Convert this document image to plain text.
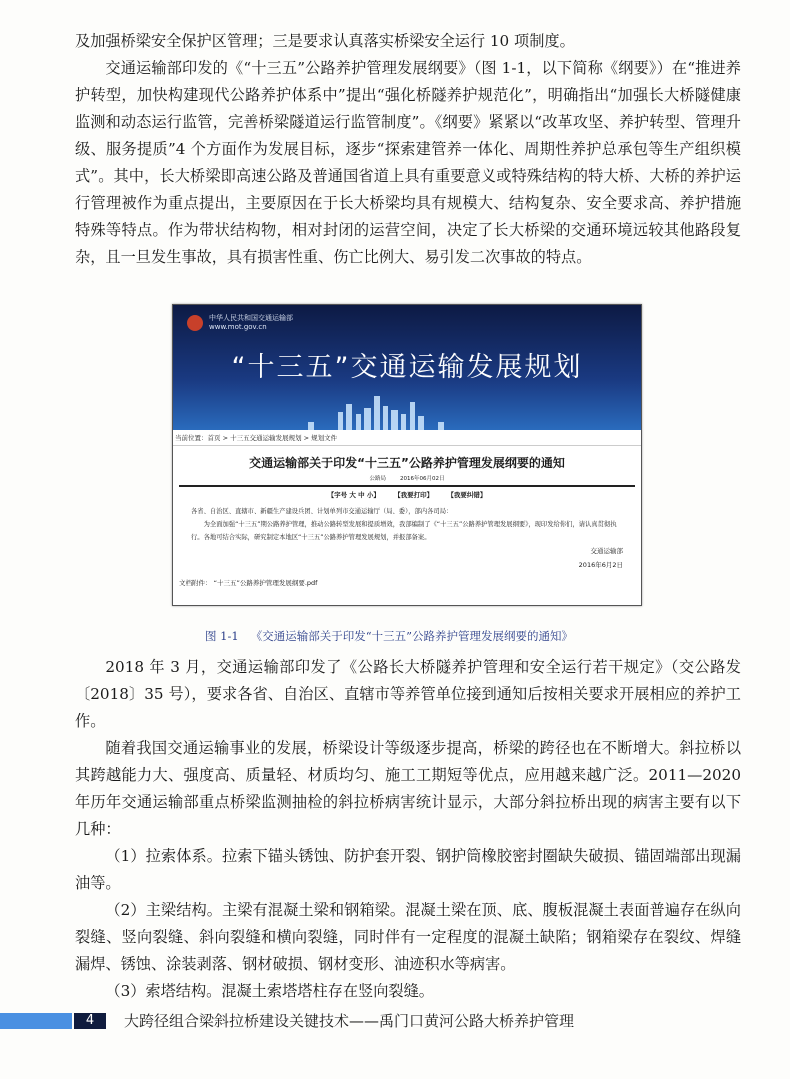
及加强桥梁安全保护区管理；三是要求认真落实桥梁安全运行 10 项制度。

交通运输部印发的《“十三五”公路养护管理发展纲要》（图 1-1，以下简称《纲要》）在“推进养护转型，加快构建现代公路养护体系中”提出“强化桥隧养护规范化”，明确指出“加强长大桥隧健康监测和动态运行监管，完善桥梁隧道运行监管制度”。《纲要》紧紧以“改革攻坚、养护转型、管理升级、服务提质”4 个方面作为发展目标，逐步“探索建管养一体化、周期性养护总承包等生产组织模式”。其中，长大桥梁即高速公路及普通国省道上具有重要意义或特殊结构的特大桥、大桥的养护运行管理被作为重点提出，主要原因在于长大桥梁均具有规模大、结构复杂、安全要求高、养护措施特殊等特点。作为带状结构物，相对封闭的运营空间，决定了长大桥梁的交通环境远较其他路段复杂，且一旦发生事故，具有损害性重、伤亡比例大、易引发二次事故的特点。

中华人民共和国交通运输部
www.mot.gov.cn
“十三五”交通运输发展规划
当前位置：首页 > 十三五交通运输发展规划 > 规划文件
交通运输部关于印发“十三五”公路养护管理发展纲要的通知
公路局	2016年06月02日
【字号 大 中 小】 【我要打印】 【我要纠错】
各省、自治区、直辖市、新疆生产建设兵团、计划单列市交通运输厅（局、委），部内各司局：
为全面加强“十三五”期公路养护管理，推动公路转型发展和提质增效，我部编制了《“十三五”公路养护管理发展纲要》，现印发给你们，请认真贯彻执行。各地可结合实际，研究制定本地区“十三五”公路养护管理发展规划，并报部备案。
交通运输部
2016年6月2日
文档附件： “十三五”公路养护管理发展纲要.pdf
图 1-1 《交通运输部关于印发“十三五”公路养护管理发展纲要的通知》

2018 年 3 月，交通运输部印发了《公路长大桥隧养护管理和安全运行若干规定》（交公路发〔2018〕35 号），要求各省、自治区、直辖市等养管单位接到通知后按相关要求开展相应的养护工作。

随着我国交通运输事业的发展，桥梁设计等级逐步提高，桥梁的跨径也在不断增大。斜拉桥以其跨越能力大、强度高、质量轻、材质均匀、施工工期短等优点，应用越来越广泛。2011—2020 年历年交通运输部重点桥梁监测抽检的斜拉桥病害统计显示，大部分斜拉桥出现的病害主要有以下几种：

（1）拉索体系。拉索下锚头锈蚀、防护套开裂、钢护筒橡胶密封圈缺失破损、锚固端部出现漏油等。

（2）主梁结构。主梁有混凝土梁和钢箱梁。混凝土梁在顶、底、腹板混凝土表面普遍存在纵向裂缝、竖向裂缝、斜向裂缝和横向裂缝，同时伴有一定程度的混凝土缺陷；钢箱梁存在裂纹、焊缝漏焊、锈蚀、涂装剥落、钢材破损、钢材变形、油迹积水等病害。

（3）索塔结构。混凝土索塔塔柱存在竖向裂缝。

4	大跨径组合梁斜拉桥建设关键技术——禹门口黄河公路大桥养护管理
